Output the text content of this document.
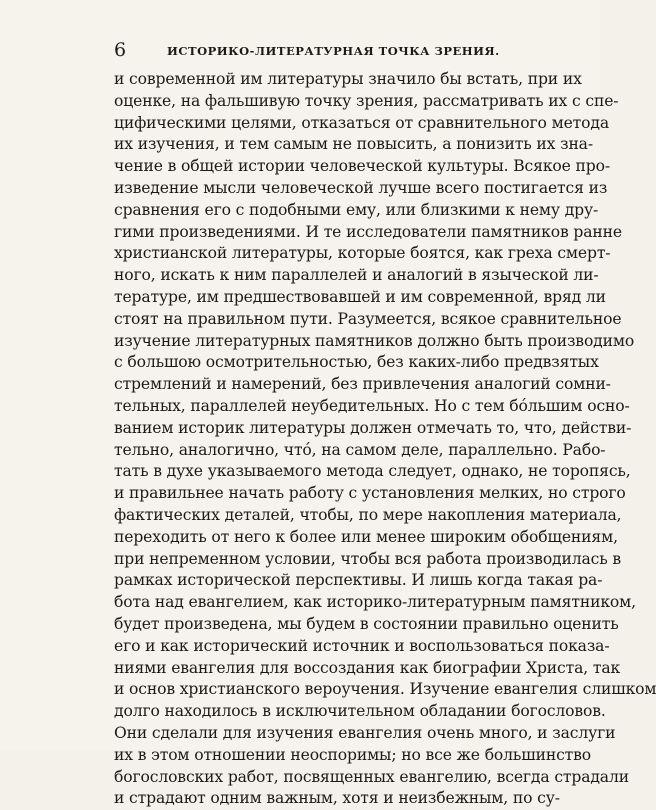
6	ИСТОРИКО-ЛИТЕРАТУРНАЯ ТОЧКА ЗРЕНИЯ.
и современной им литературы значило бы встать, при их
оценке, на фальшивую точку зрения, рассматривать их с спе-
цифическими целями, отказаться от сравнительного метода
их изучения, и тем самым не повысить, а понизить их зна-
чение в общей истории человеческой культуры. Всякое про-
изведение мысли человеческой лучше всего постигается из
сравнения его с подобными ему, или близкими к нему дру-
гими произведениями. И те исследователи памятников ранне
христианской литературы, которые боятся, как греха смерт-
ного, искать к ним параллелей и аналогий в языческой ли-
тературе, им предшествовавшей и им современной, вряд ли
стоят на правильном пути. Разумеется, всякое сравнительное
изучение литературных памятников должно быть производимо
с большою осмотрительностью, без каких-либо предвзятых
стремлений и намерений, без привлечения аналогий сомни-
тельных, параллелей неубедительных. Но с тем бо́льшим осно-
ванием историк литературы должен отмечать то, что, действи-
тельно, аналогично, что́, на самом деле, параллельно. Рабо-
тать в духе указываемого метода следует, однако, не торопясь,
и правильнее начать работу с установления мелких, но строго
фактических деталей, чтобы, по мере накопления материала,
переходить от него к более или менее широким обобщениям,
при непременном условии, чтобы вся работа производилась в
рамках исторической перспективы. И лишь когда такая ра-
бота над евангелием, как историко-литературным памятником,
будет произведена, мы будем в состоянии правильно оценить
его и как исторический источник и воспользоваться показа-
ниями евангелия для воссоздания как биографии Христа, так
и основ христианского вероучения. Изучение евангелия слишком
долго находилось в исключительном обладании богословов.
Они сделали для изучения евангелия очень много, и заслуги
их в этом отношении неоспоримы; но все же большинство
богословских работ, посвященных евангелию, всегда страдали
и страдают одним важным, хотя и неизбежным, по су-
